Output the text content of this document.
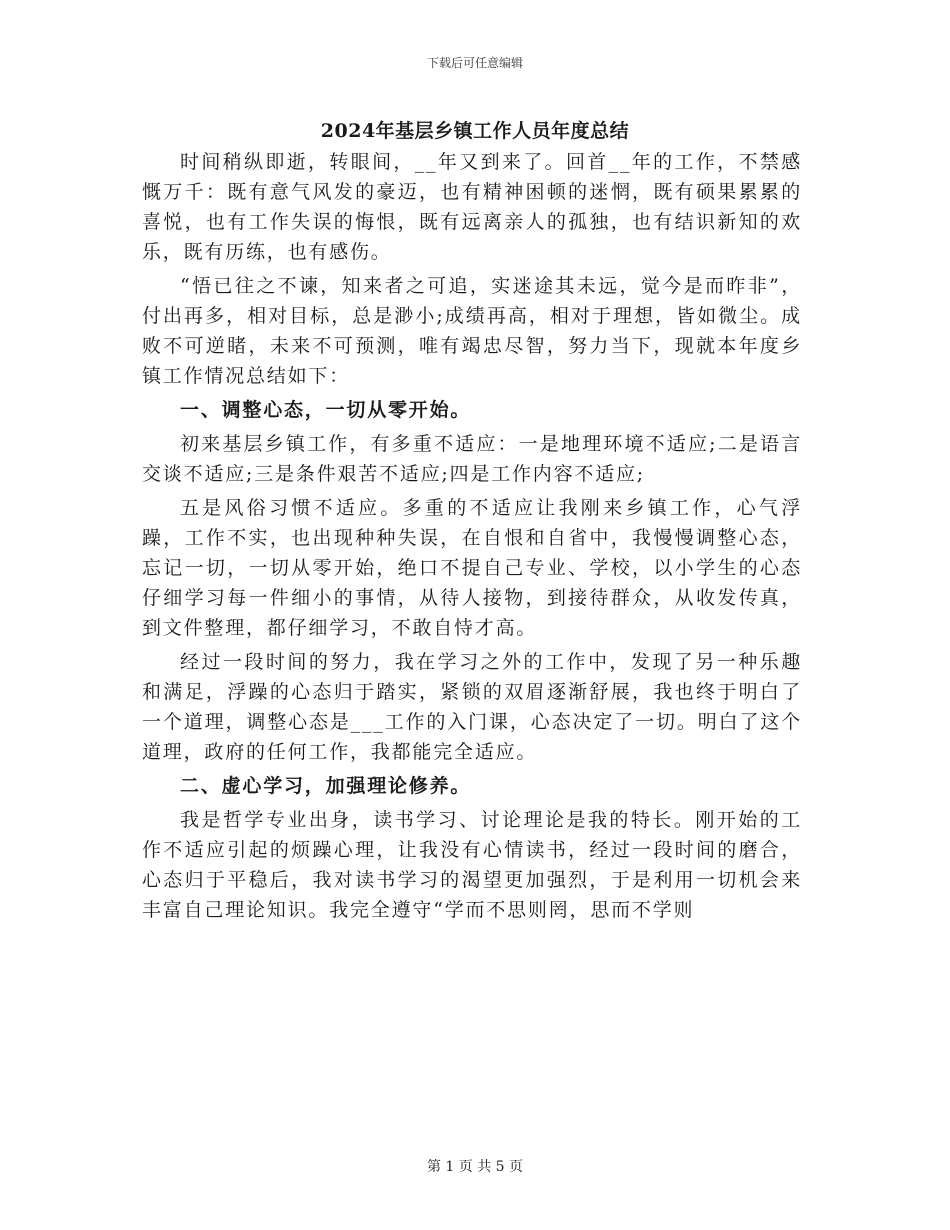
下载后可任意编辑
2024年基层乡镇工作人员年度总结

时间稍纵即逝，转眼间，__年又到来了。回首__年的工作，不禁感慨万千：既有意气风发的豪迈，也有精神困顿的迷惘，既有硕果累累的喜悦，也有工作失误的悔恨，既有远离亲人的孤独，也有结识新知的欢乐，既有历练，也有感伤。

“悟已往之不谏，知来者之可追，实迷途其未远，觉今是而昨非”，付出再多，相对目标，总是渺小;成绩再高，相对于理想，皆如微尘。成败不可逆睹，未来不可预测，唯有竭忠尽智，努力当下，现就本年度乡镇工作情况总结如下：

一、调整心态，一切从零开始。

初来基层乡镇工作，有多重不适应：一是地理环境不适应;二是语言交谈不适应;三是条件艰苦不适应;四是工作内容不适应;

五是风俗习惯不适应。多重的不适应让我刚来乡镇工作，心气浮躁，工作不实，也出现种种失误，在自恨和自省中，我慢慢调整心态，忘记一切，一切从零开始，绝口不提自己专业、学校，以小学生的心态仔细学习每一件细小的事情，从待人接物，到接待群众，从收发传真，到文件整理，都仔细学习，不敢自恃才高。

经过一段时间的努力，我在学习之外的工作中，发现了另一种乐趣和满足，浮躁的心态归于踏实，紧锁的双眉逐渐舒展，我也终于明白了一个道理，调整心态是___工作的入门课，心态决定了一切。明白了这个道理，政府的任何工作，我都能完全适应。

二、虚心学习，加强理论修养。

我是哲学专业出身，读书学习、讨论理论是我的特长。刚开始的工作不适应引起的烦躁心理，让我没有心情读书，经过一段时间的磨合，心态归于平稳后，我对读书学习的渴望更加强烈，于是利用一切机会来丰富自己理论知识。我完全遵守“学而不思则罔，思而不学则

第 1 页 共 5 页
